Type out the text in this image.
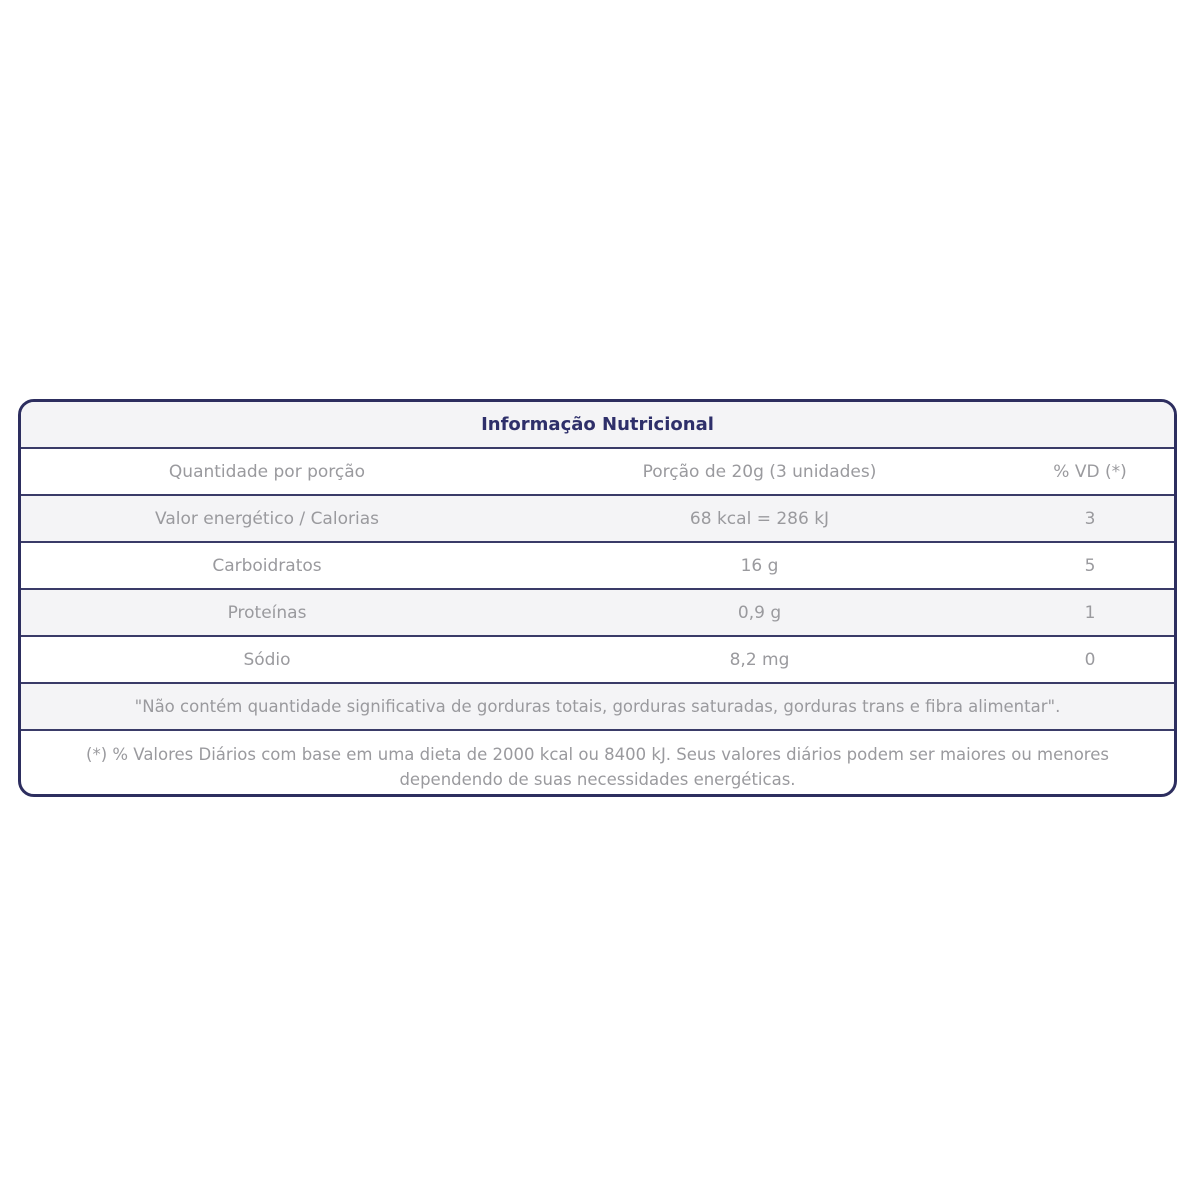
Informação Nutricional
Quantidade por porção	Porção de 20g (3 unidades)	% VD (*)
Valor energético / Calorias	68 kcal = 286 kJ	3
Carboidratos	16 g	5
Proteínas	0,9 g	1
Sódio	8,2 mg	0
"Não contém quantidade significativa de gorduras totais, gorduras saturadas, gorduras trans e fibra alimentar".
(*) % Valores Diários com base em uma dieta de 2000 kcal ou 8400 kJ. Seus valores diários podem ser maiores ou menores dependendo de suas necessidades energéticas.
